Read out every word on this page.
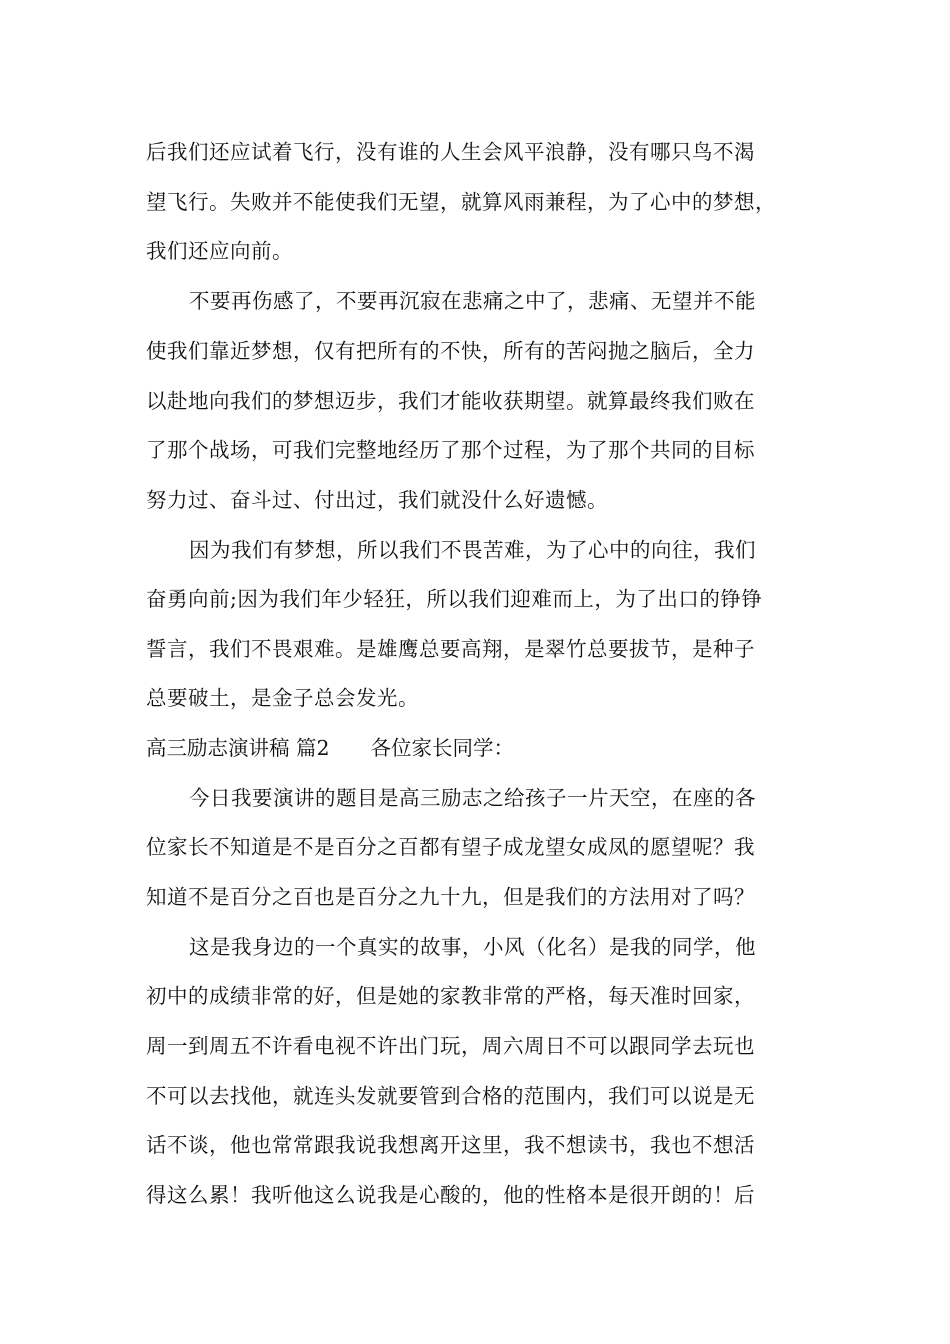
后我们还应试着飞行，没有谁的人生会风平浪静，没有哪只鸟不渴
望飞行。失败并不能使我们无望，就算风雨兼程，为了心中的梦想，
我们还应向前。
不要再伤感了，不要再沉寂在悲痛之中了，悲痛、无望并不能
使我们靠近梦想，仅有把所有的不快，所有的苦闷抛之脑后，全力
以赴地向我们的梦想迈步，我们才能收获期望。就算最终我们败在
了那个战场，可我们完整地经历了那个过程，为了那个共同的目标
努力过、奋斗过、付出过，我们就没什么好遗憾。
因为我们有梦想，所以我们不畏苦难，为了心中的向往，我们
奋勇向前;因为我们年少轻狂，所以我们迎难而上，为了出口的铮铮
誓言，我们不畏艰难。是雄鹰总要高翔，是翠竹总要拔节，是种子
总要破土，是金子总会发光。
高三励志演讲稿 篇2　　各位家长同学：
今日我要演讲的题目是高三励志之给孩子一片天空，在座的各
位家长不知道是不是百分之百都有望子成龙望女成凤的愿望呢？我
知道不是百分之百也是百分之九十九，但是我们的方法用对了吗？
这是我身边的一个真实的故事，小风（化名）是我的同学，他
初中的成绩非常的好，但是她的家教非常的严格，每天准时回家，
周一到周五不许看电视不许出门玩，周六周日不可以跟同学去玩也
不可以去找他，就连头发就要管到合格的范围内，我们可以说是无
话不谈，他也常常跟我说我想离开这里，我不想读书，我也不想活
得这么累！我听他这么说我是心酸的，他的性格本是很开朗的！后
